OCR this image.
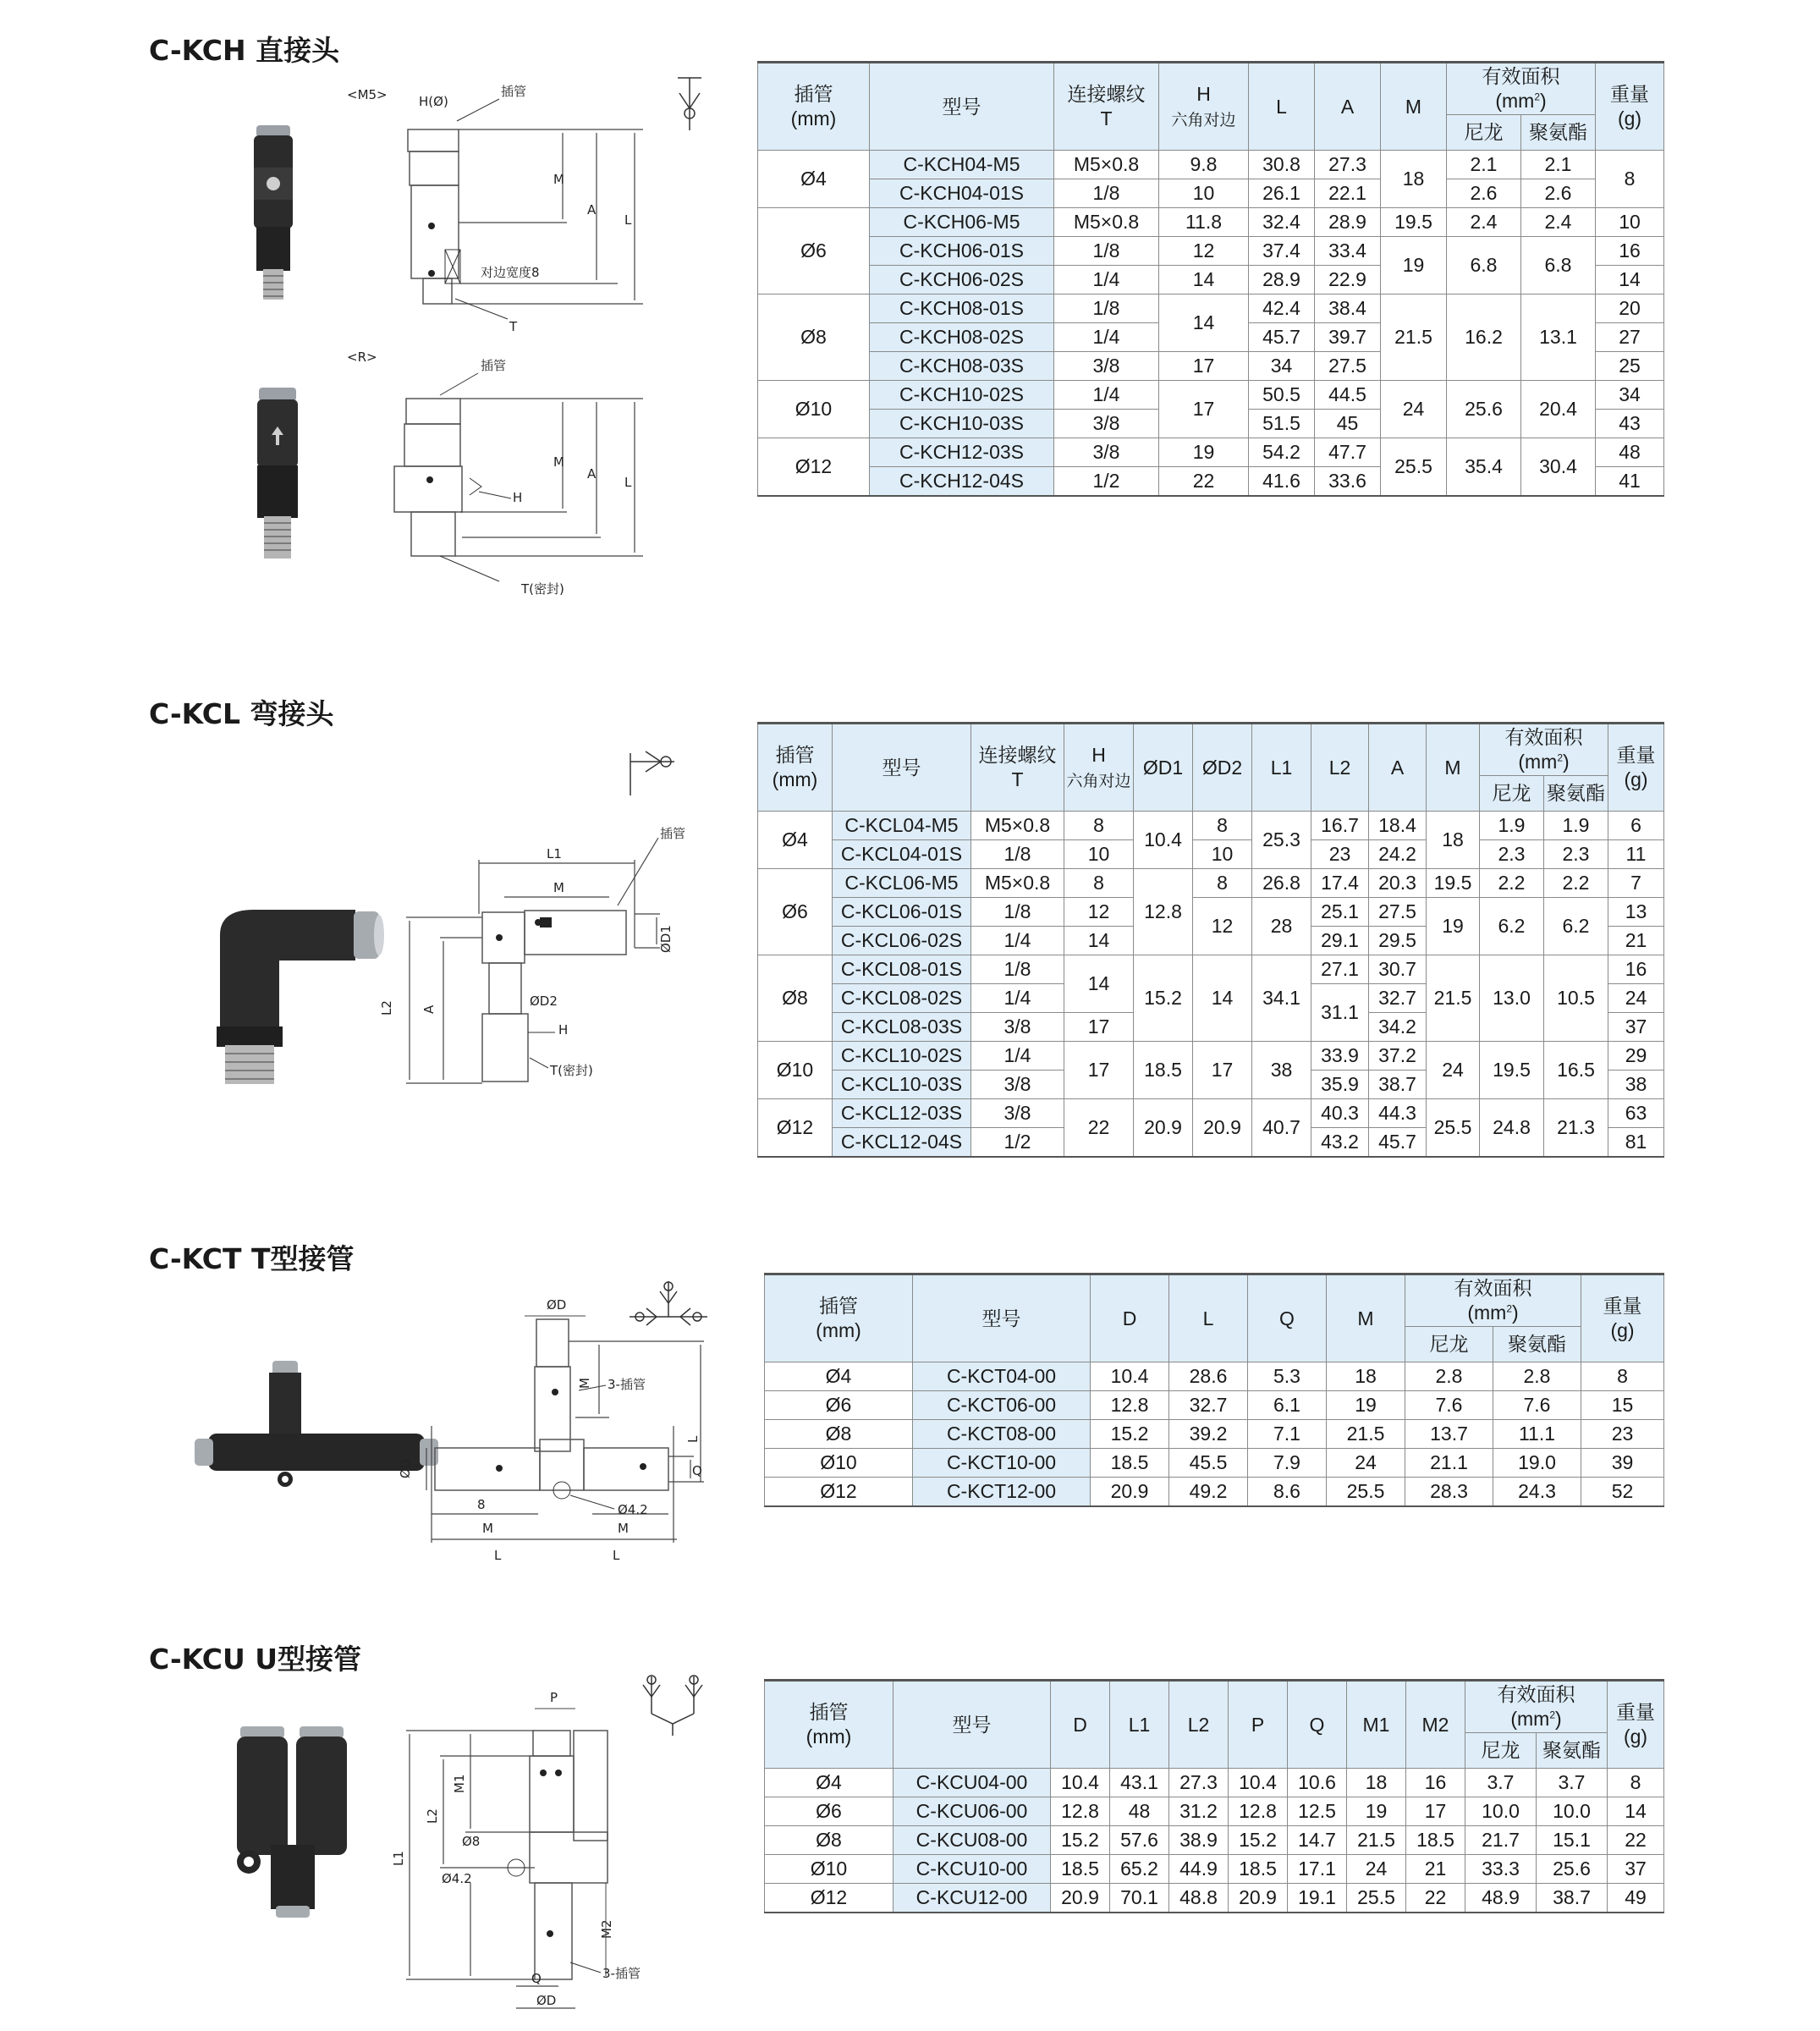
C-KCH 直接头
<M5> H(Ø)
插管
对边宽度8
M
A
L
T
<R>
插管
H
M
A
L
T(密封)
插管
(mm)	型号	连接螺纹
T	H
六角对边	L	A	M	有效面积
$(mm^2)$		重量
(g)
							尼龙	聚氨酯	
Ø4	C-KCH04-M5	M5×0.8	9.8	30.8	27.3	18	2.1	2.1	8
	C-KCH04-01S	1/8	10	26.1	22.1		2.6	2.6	
Ø6	C-KCH06-M5	M5×0.8	11.8	32.4	28.9	19.5	2.4	2.4	10
	C-KCH06-01S	1/8	12	37.4	33.4	19	6.8	6.8	16
	C-KCH06-02S	1/4	14	28.9	22.9				14
Ø8	C-KCH08-01S	1/8	14	42.4	38.4	21.5	16.2	13.1	20
	C-KCH08-02S	1/4		45.7	39.7				27
	C-KCH08-03S	3/8	17	34	27.5				25
Ø10	C-KCH10-02S	1/4	17	50.5	44.5	24	25.6	20.4	34
	C-KCH10-03S	3/8		51.5	45				43
Ø12	C-KCH12-03S	3/8	19	54.2	47.7	25.5	35.4	30.4	48
	C-KCH12-04S	1/2	22	41.6	33.6				41
C-KCL 弯接头
L1
M
插管
A
L2
ØD1
ØD2
H
T(密封)
插管
(mm)	型号	连接螺纹
T	H
六角对边	ØD1	ØD2	L1	L2	A	M	有效面积
$(mm^2)$		重量
(g)
										尼龙	聚氨酯	
Ø4	C-KCL04-M5	M5×0.8	8	10.4	8	25.3	16.7	18.4	18	1.9	1.9	6
	C-KCL04-01S	1/8	10		10		23	24.2		2.3	2.3	11
Ø6	C-KCL06-M5	M5×0.8	8	12.8	8	26.8	17.4	20.3	19.5	2.2	2.2	7
	C-KCL06-01S	1/8	12		12	28	25.1	27.5	19	6.2	6.2	13
	C-KCL06-02S	1/4	14				29.1	29.5				21
Ø8	C-KCL08-01S	1/8	14	15.2	14	34.1	27.1	30.7	21.5	13.0	10.5	16
	C-KCL08-02S	1/4					31.1	32.7				24
	C-KCL08-03S	3/8	17					34.2				37
Ø10	C-KCL10-02S	1/4	17	18.5	17	38	33.9	37.2	24	19.5	16.5	29
	C-KCL10-03S	3/8					35.9	38.7				38
Ø12	C-KCL12-03S	3/8	22	20.9	20.9	40.7	40.3	44.3	25.5	24.8	21.3	63
	C-KCL12-04S	1/2					43.2	45.7				81
C-KCT T型接管
ØD
M 3-插管
L
ØD	Q
8
M	M
Ø4.2
L	L
插管
(mm)	型号	D	L	Q	M	有效面积
$(mm^2)$		重量
(g)
						尼龙	聚氨酯	
Ø4	C-KCT04-00	10.4	28.6	5.3	18	2.8	2.8	8
Ø6	C-KCT06-00	12.8	32.7	6.1	19	7.6	7.6	15
Ø8	C-KCT08-00	15.2	39.2	7.1	21.5	13.7	11.1	23
Ø10	C-KCT10-00	18.5	45.5	7.9	24	21.1	19.0	39
Ø12	C-KCT12-00	20.9	49.2	8.6	25.5	28.3	24.3	52
C-KCU U型接管
P
M1
L2
L1
Ø8
Ø4.2
M2
Q	3-插管
ØD
插管
(mm)	型号	D	L1	L2	P	Q	M1	M2	有效面积
$(mm^2)$		重量
(g)
									尼龙	聚氨酯	
Ø4	C-KCU04-00	10.4	43.1	27.3	10.4	10.6	18	16	3.7	3.7	8
Ø6	C-KCU06-00	12.8	48	31.2	12.8	12.5	19	17	10.0	10.0	14
Ø8	C-KCU08-00	15.2	57.6	38.9	15.2	14.7	21.5	18.5	21.7	15.1	22
Ø10	C-KCU10-00	18.5	65.2	44.9	18.5	17.1	24	21	33.3	25.6	37
Ø12	C-KCU12-00	20.9	70.1	48.8	20.9	19.1	25.5	22	48.9	38.7	49
